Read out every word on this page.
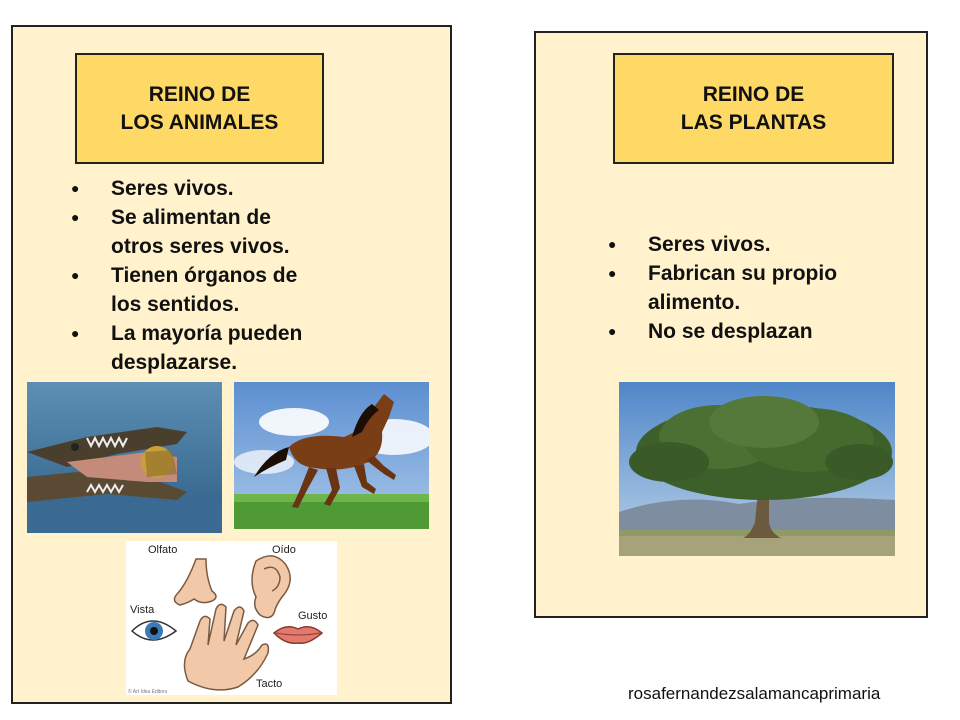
REINO DE
LOS ANIMALES
● Seres vivos.
● Se alimentan de
otros seres vivos.
● Tienen órganos de
los sentidos.
● La mayoría pueden
desplazarse.
Olfato	Oído
Vista	Gusto
Tacto
© Art Idea Editors
REINO DE
LAS PLANTAS
● Seres vivos.
● Fabrican su propio
alimento.
● No se desplazan
rosafernandezsalamancaprimaria
